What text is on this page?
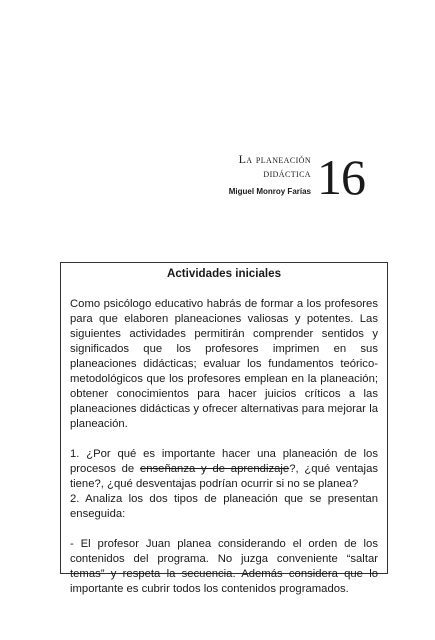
La planeación
didáctica
Miguel Monroy Farías 16
Actividades iniciales

Como psicólogo educativo habrás de formar a los profesores para que elaboren planeaciones valiosas y potentes. Las siguientes actividades permitirán comprender sentidos y significados que los profesores imprimen en sus planeaciones didácticas; evaluar los fundamentos teórico-metodológicos que los profesores emplean en la planeación; obtener conocimientos para hacer juicios críticos a las planeaciones didácticas y ofrecer alternativas para mejorar la planeación.

1. ¿Por qué es importante hacer una planeación de los procesos de enseñanza y de aprendizaje?, ¿qué ventajas tiene?, ¿qué desventajas podrían ocurrir si no se planea?

2. Analiza los dos tipos de planeación que se presentan enseguida:

- El profesor Juan planea considerando el orden de los contenidos del programa. No juzga conveniente “saltar temas” y respeta la secuencia. Además considera que lo importante es cubrir todos los contenidos programados.
